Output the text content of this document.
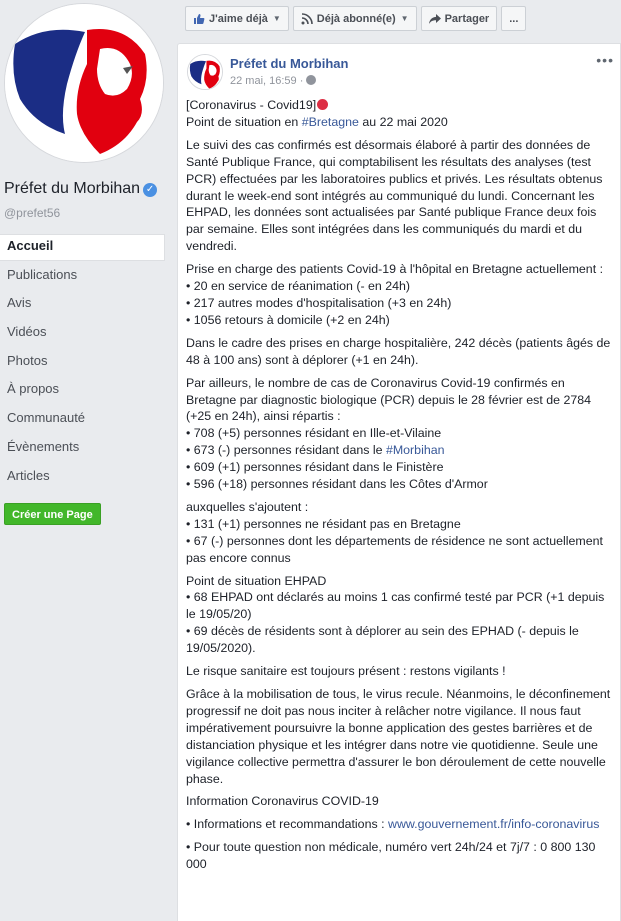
Préfet du Morbihan ✓
@prefet56
Accueil
Publications
Avis
Vidéos
Photos
À propos
Communauté
Évènements
Articles
Créer une Page
J'aime déjà ▼	Déjà abonné(e) ▼	Partager ...
Préfet du Morbihan
22 mai, 16:59 ·
•••

[Coronavirus - Covid19]
Point de situation en #Bretagne au 22 mai 2020

Le suivi des cas confirmés est désormais élaboré à partir des données de Santé Publique France, qui comptabilisent les résultats des analyses (test PCR) effectuées par les laboratoires publics et privés. Les résultats obtenus durant le week-end sont intégrés au communiqué du lundi. Concernant les EHPAD, les données sont actualisées par Santé publique France deux fois par semaine. Elles sont intégrées dans les communiqués du mardi et du vendredi.

Prise en charge des patients Covid-19 à l'hôpital en Bretagne actuellement :
• 20 en service de réanimation (- en 24h)
• 217 autres modes d'hospitalisation (+3 en 24h)
• 1056 retours à domicile (+2 en 24h)

Dans le cadre des prises en charge hospitalière, 242 décès (patients âgés de 48 à 100 ans) sont à déplorer (+1 en 24h).

Par ailleurs, le nombre de cas de Coronavirus Covid-19 confirmés en Bretagne par diagnostic biologique (PCR) depuis le 28 février est de 2784 (+25 en 24h), ainsi répartis :
• 708 (+5) personnes résidant en Ille-et-Vilaine
• 673 (-) personnes résidant dans le #Morbihan
• 609 (+1) personnes résidant dans le Finistère
• 596 (+18) personnes résidant dans les Côtes d'Armor

auxquelles s'ajoutent :
• 131 (+1) personnes ne résidant pas en Bretagne
• 67 (-) personnes dont les départements de résidence ne sont actuellement pas encore connus

Point de situation EHPAD
• 68 EHPAD ont déclarés au moins 1 cas confirmé testé par PCR (+1 depuis le 19/05/20)
• 69 décès de résidents sont à déplorer au sein des EPHAD (- depuis le 19/05/2020).

Le risque sanitaire est toujours présent : restons vigilants !

Grâce à la mobilisation de tous, le virus recule. Néanmoins, le déconfinement progressif ne doit pas nous inciter à relâcher notre vigilance. Il nous faut impérativement poursuivre la bonne application des gestes barrières et de distanciation physique et les intégrer dans notre vie quotidienne. Seule une vigilance collective permettra d'assurer le bon déroulement de cette nouvelle phase.

Information Coronavirus COVID-19

• Informations et recommandations : www.gouvernement.fr/info-coronavirus

• Pour toute question non médicale, numéro vert 24h/24 et 7j/7 : 0 800 130 000
